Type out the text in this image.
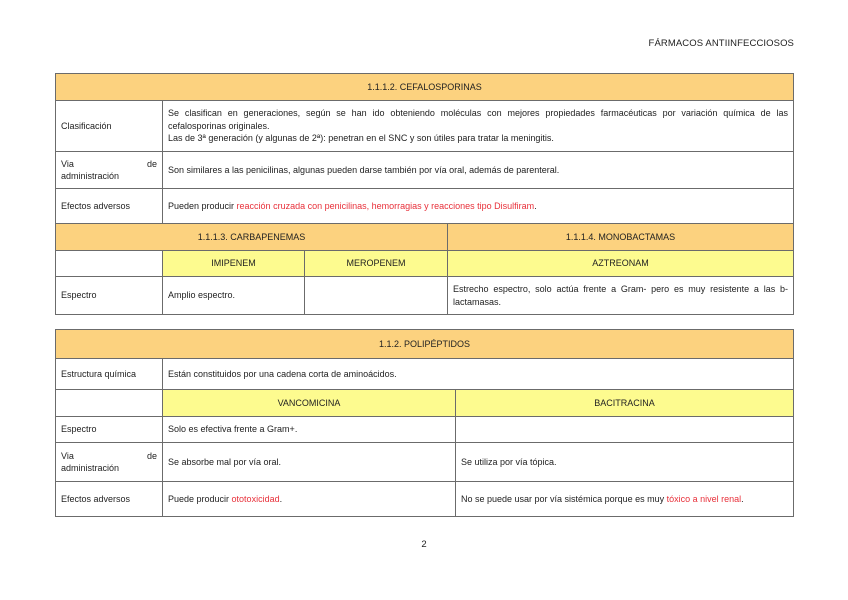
FÁRMACOS ANTIINFECCIOSOS
1.1.1.2. CEFALOSPORINAS			
Clasificación	Se clasifican en generaciones, según se han ido obteniendo moléculas con mejores propiedades farmacéuticas por variación química de las cefalosporinas originales.
Las de 3ª generación (y algunas de 2ª): penetran en el SNC y son útiles para tratar la meningitis.		

Via de
administración	Son similares a las penicilinas, algunas pueden darse también por vía oral, además de parenteral.		
Efectos adversos	Pueden producir reacción cruzada con penicilinas, hemorragias y reacciones tipo Disulfiram.		
1.1.1.3. CARBAPENEMAS			1.1.1.4. MONOBACTAMAS
	IMIPENEM	MEROPENEM	AZTREONAM
Espectro	Amplio espectro.		Estrecho espectro, solo actúa frente a Gram- pero es muy resistente a las b-lactamasas.
1.1.2. POLIPÉPTIDOS		
Estructura química	Están constituidos por una cadena corta de aminoácidos.	
	VANCOMICINA	BACITRACINA
Espectro	Solo es efectiva frente a Gram+.	

Via de
administración	Se absorbe mal por vía oral.	Se utiliza por vía tópica.
Efectos adversos	Puede producir ototoxicidad.	No se puede usar por vía sistémica porque es muy tóxico a nivel renal.
2
